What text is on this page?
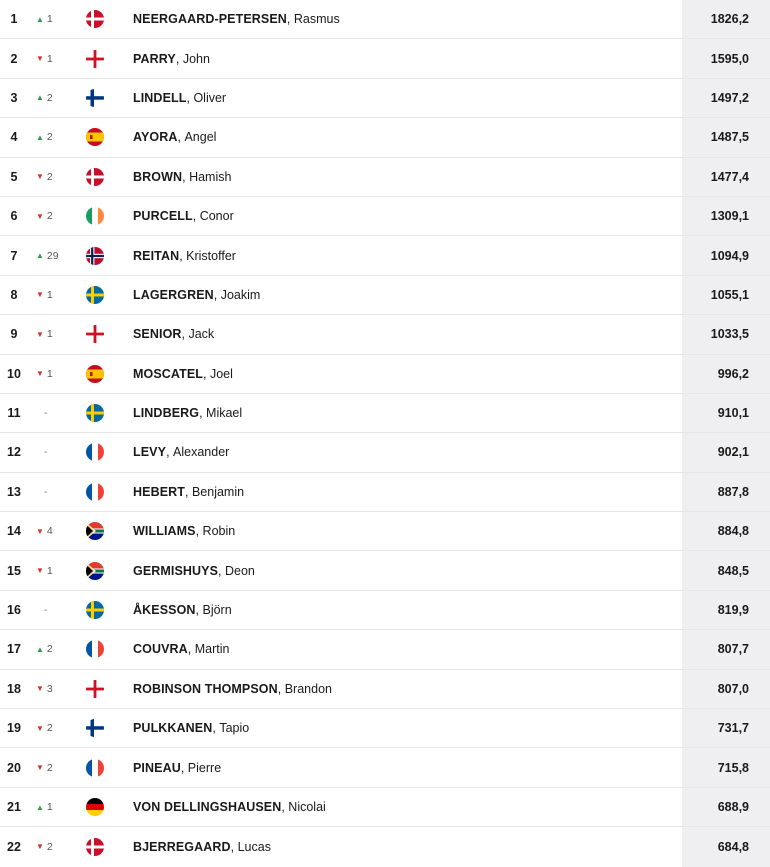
1	▲ 1	NEERGAARD-PETERSEN , Rasmus	1826,2
2	▼ 1	PARRY , John	1595,0
3	▲ 2	LINDELL , Oliver	1497,2
4	▲ 2	AYORA , Angel	1487,5
5	▼ 2	BROWN , Hamish	1477,4
6	▼ 2	PURCELL , Conor	1309,1
7	▲ 29	REITAN , Kristoffer	1094,9
8	▼ 1	LAGERGREN , Joakim	1055,1
9	▼ 1	SENIOR , Jack	1033,5
10	▼ 1	MOSCATEL , Joel	996,2
11	-	LINDBERG , Mikael	910,1
12	-	LEVY , Alexander	902,1
13	-	HEBERT , Benjamin	887,8
14	▼ 4	WILLIAMS , Robin	884,8
15	▼ 1	GERMISHUYS , Deon	848,5
16	-	ÅKESSON , Björn	819,9
17	▲ 2	COUVRA , Martin	807,7
18	▼ 3	ROBINSON THOMPSON , Brandon	807,0
19	▼ 2	PULKKANEN , Tapio	731,7
20	▼ 2	PINEAU , Pierre	715,8
21	▲ 1	VON DELLINGSHAUSEN , Nicolai	688,9
22	▼ 2	BJERREGAARD , Lucas	684,8
